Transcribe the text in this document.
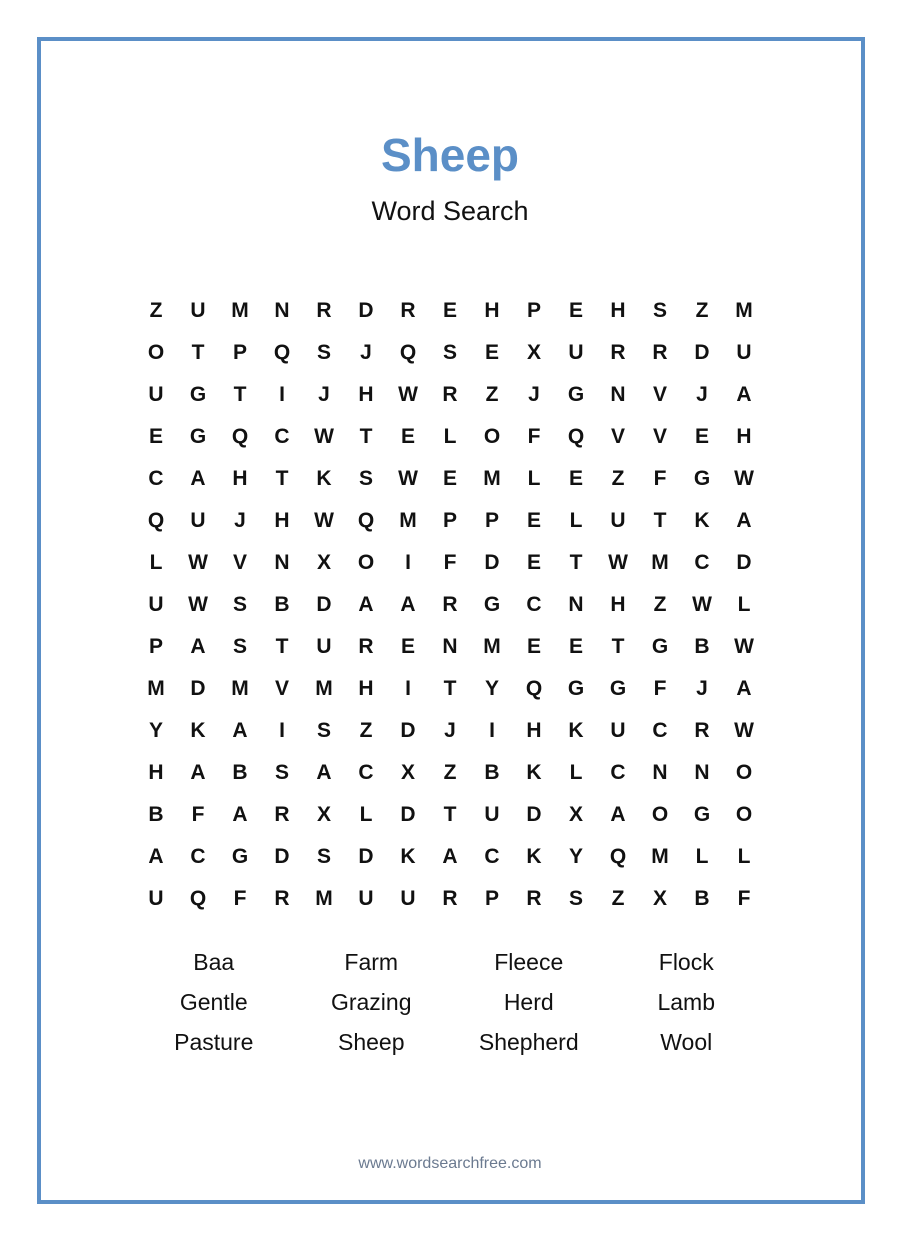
Sheep
Word Search
Z	U	M	N	R	D	R	E	H	P	E	H	S	Z	M
O	T	P	Q	S	J	Q	S	E	X	U	R	R	D	U
U	G	T	I	J	H	W	R	Z	J	G	N	V	J	A
E	G	Q	C	W	T	E	L	O	F	Q	V	V	E	H
C	A	H	T	K	S	W	E	M	L	E	Z	F	G	W
Q	U	J	H	W	Q	M	P	P	E	L	U	T	K	A
L	W	V	N	X	O	I	F	D	E	T	W	M	C	D
U	W	S	B	D	A	A	R	G	C	N	H	Z	W	L
P	A	S	T	U	R	E	N	M	E	E	T	G	B	W
M	D	M	V	M	H	I	T	Y	Q	G	G	F	J	A
Y	K	A	I	S	Z	D	J	I	H	K	U	C	R	W
H	A	B	S	A	C	X	Z	B	K	L	C	N	N	O
B	F	A	R	X	L	D	T	U	D	X	A	O	G	O
A	C	G	D	S	D	K	A	C	K	Y	Q	M	L	L
U	Q	F	R	M	U	U	R	P	R	S	Z	X	B	F
Baa	Farm	Fleece	Flock
Gentle	Grazing	Herd	Lamb
Pasture	Sheep	Shepherd	Wool
www.wordsearchfree.com
